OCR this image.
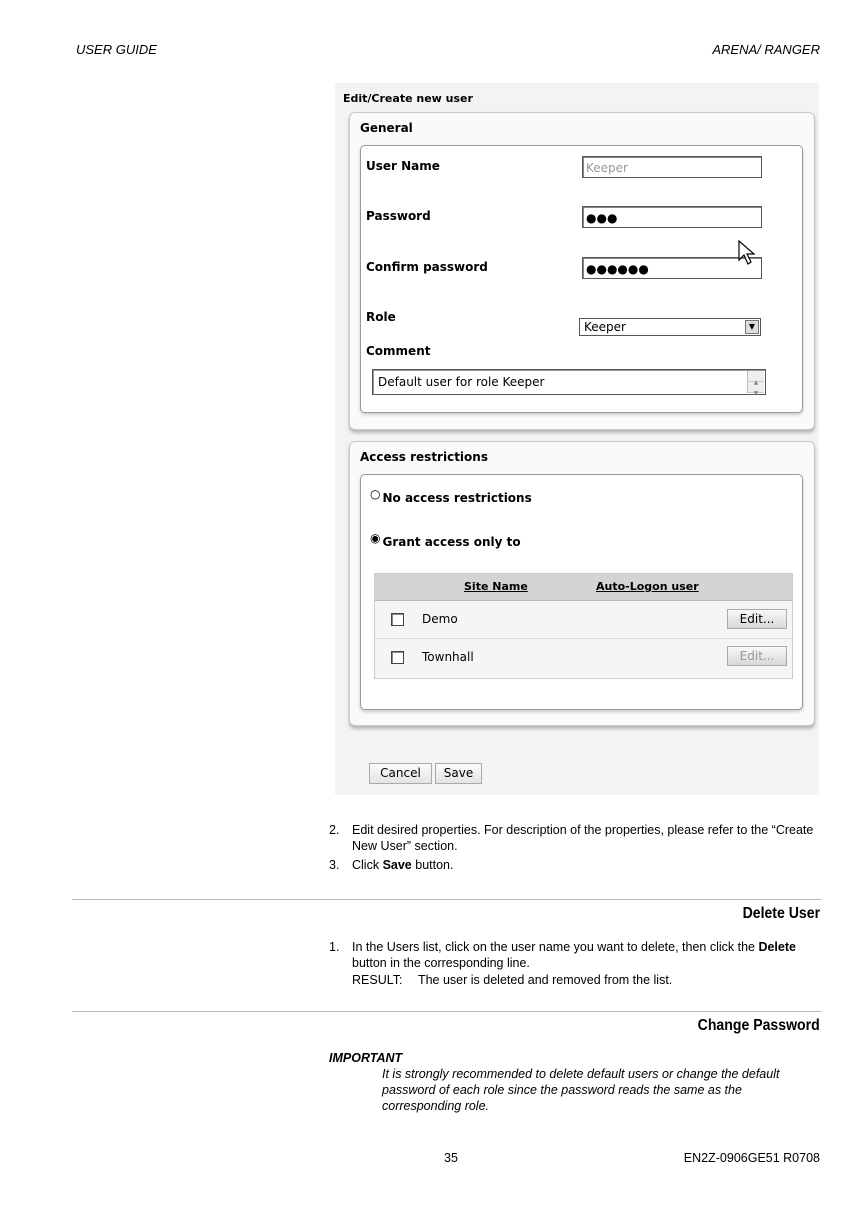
USER GUIDE	ARENA/ RANGER
Edit/Create new user
General
User Name	Keeper
Password	●●●
Confirm password	●●●●●●
Role
Keeper	▼
Comment
Default user for role Keeper	▲
▼
Access restrictions
○ No access restrictions
◉ Grant access only to
Site Name	Auto-Logon user
Demo	Edit...
Townhall	Edit...
Cancel	Save
2. Edit desired properties. For description of the properties, please refer to the “Create New User” section.
3. Click Save button.
Delete User
1. In the Users list, click on the user name you want to delete, then click the Delete button in the corresponding line.
RESULT: The user is deleted and removed from the list.
Change Password
IMPORTANT
It is strongly recommended to delete default users or change the default password of each role since the password reads the same as the corresponding role.
35	EN2Z-0906GE51 R0708
